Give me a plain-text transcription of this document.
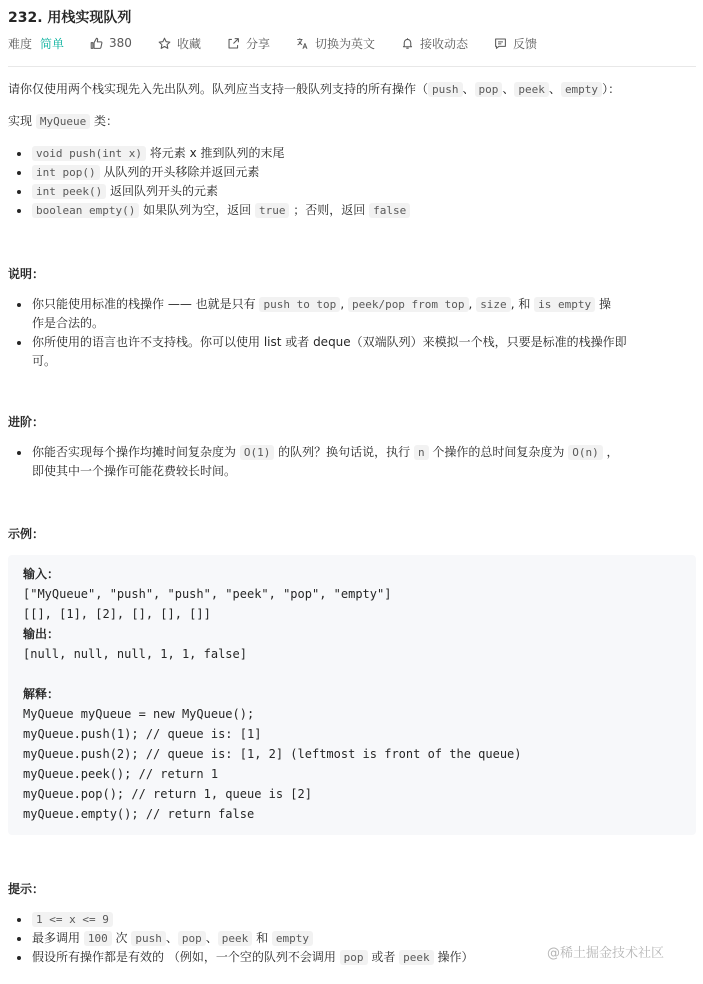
232. 用栈实现队列
难度 简单	380	收藏	分享	切换为英文	接收动态	反馈

请你仅使用两个栈实现先入先出队列。队列应当支持一般队列支持的所有操作（ push 、 pop 、 peek 、 empty ）：

实现 MyQueue 类：

void push(int x) 将元素 x 推到队列的末尾
int pop() 从队列的开头移除并返回元素
int peek() 返回队列开头的元素
boolean empty() 如果队列为空，返回 true ；否则，返回 false
说明：
你只能使用标准的栈操作 —— 也就是只有 push to top , peek/pop from top , size , 和 is empty 操
作是合法的。
你所使用的语言也许不支持栈。你可以使用 list 或者 deque（双端队列）来模拟一个栈，只要是标准的栈操作即
可。
进阶：
你能否实现每个操作均摊时间复杂度为 O(1) 的队列？换句话说，执行 n 个操作的总时间复杂度为 O(n) ，
即使其中一个操作可能花费较长时间。
示例：
输入：
["MyQueue", "push", "push", "peek", "pop", "empty"]
[[], [1], [2], [], [], []]
输出：
[null, null, null, 1, 1, false]
解释：
MyQueue myQueue = new MyQueue();
myQueue.push(1); // queue is: [1]
myQueue.push(2); // queue is: [1, 2] (leftmost is front of the queue)
myQueue.peek(); // return 1
myQueue.pop(); // return 1, queue is [2]
myQueue.empty(); // return false
提示：
1 <= x <= 9
最多调用 100 次 push 、 pop 、 peek 和 empty
假设所有操作都是有效的 （例如，一个空的队列不会调用 pop 或者 peek 操作）	@稀土掘金技术社区
